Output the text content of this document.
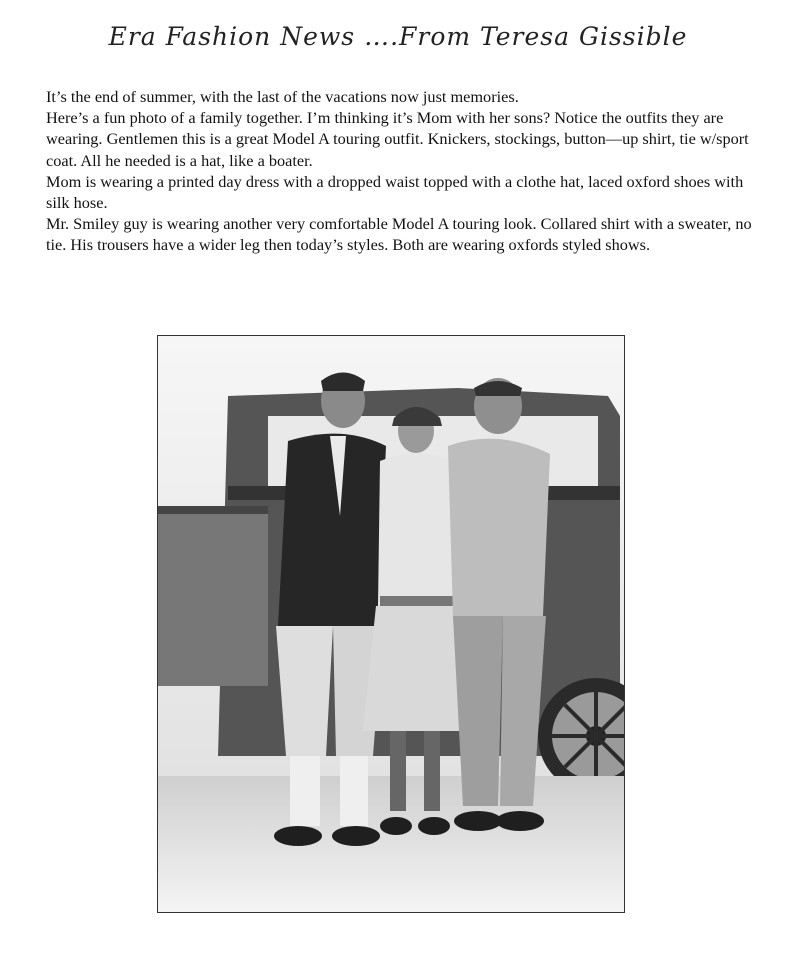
Era Fashion News ….From Teresa Gissible

It’s the end of summer, with the last of the vacations now just memories.

Here’s a fun photo of a family together. I’m thinking it’s Mom with her sons? Notice the outfits they are wearing. Gentlemen this is a great Model A touring outfit. Knickers, stockings, button—up shirt, tie w/sport coat. All he needed is a hat, like a boater.

Mom is wearing a printed day dress with a dropped waist topped with a clothe hat, laced oxford shoes with silk hose.

Mr. Smiley guy is wearing another very comfortable Model A touring look. Collared shirt with a sweater, no tie. His trousers have a wider leg then today’s styles. Both are wearing oxfords styled shows.
